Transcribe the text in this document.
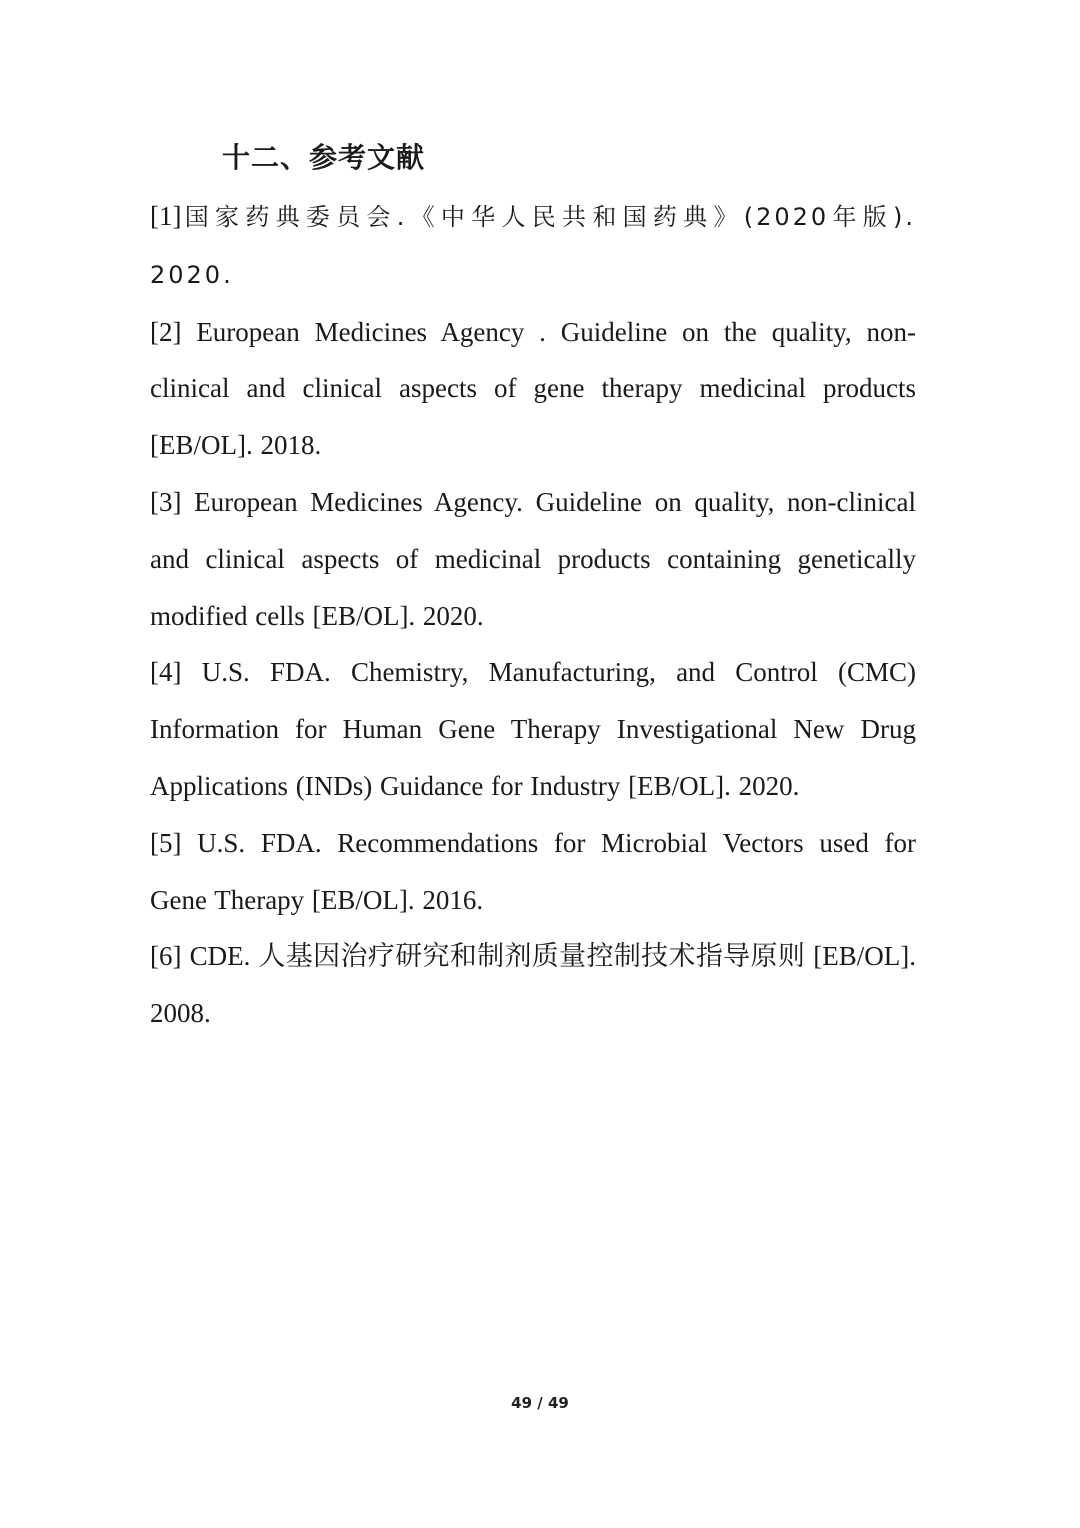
十二、参考文献
[1]国家药典委员会.《中华人民共和国药典》(2020年版). 2020.
[2] European Medicines Agency . Guideline on the quality, non-clinical and clinical aspects of gene therapy medicinal products [EB/OL]. 2018.
[3] European Medicines Agency. Guideline on quality, non-clinical and clinical aspects of medicinal products containing genetically modified cells [EB/OL]. 2020.
[4] U.S. FDA. Chemistry, Manufacturing, and Control (CMC) Information for Human Gene Therapy Investigational New Drug Applications (INDs) Guidance for Industry [EB/OL]. 2020.
[5] U.S. FDA. Recommendations for Microbial Vectors used for Gene Therapy [EB/OL]. 2016.
[6] CDE. 人基因治疗研究和制剂质量控制技术指导原则 [EB/OL]. 2008.
49 / 49
